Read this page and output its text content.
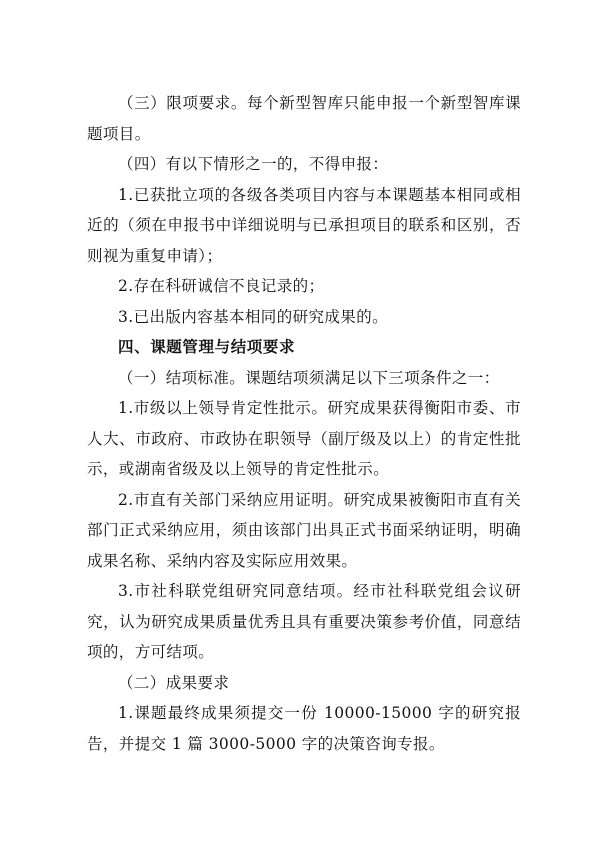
（三）限项要求。每个新型智库只能申报一个新型智库课题项目。

（四）有以下情形之一的，不得申报：

1.已获批立项的各级各类项目内容与本课题基本相同或相近的（须在申报书中详细说明与已承担项目的联系和区别，否则视为重复申请）；

2.存在科研诚信不良记录的；

3.已出版内容基本相同的研究成果的。

四、课题管理与结项要求

（一）结项标准。课题结项须满足以下三项条件之一：

1.市级以上领导肯定性批示。研究成果获得衡阳市委、市人大、市政府、市政协在职领导（副厅级及以上）的肯定性批示，或湖南省级及以上领导的肯定性批示。

2.市直有关部门采纳应用证明。研究成果被衡阳市直有关部门正式采纳应用，须由该部门出具正式书面采纳证明，明确成果名称、采纳内容及实际应用效果。

3.市社科联党组研究同意结项。经市社科联党组会议研究，认为研究成果质量优秀且具有重要决策参考价值，同意结项的，方可结项。

（二）成果要求

1.课题最终成果须提交一份 10000-15000 字的研究报告，并提交 1 篇 3000-5000 字的决策咨询专报。
